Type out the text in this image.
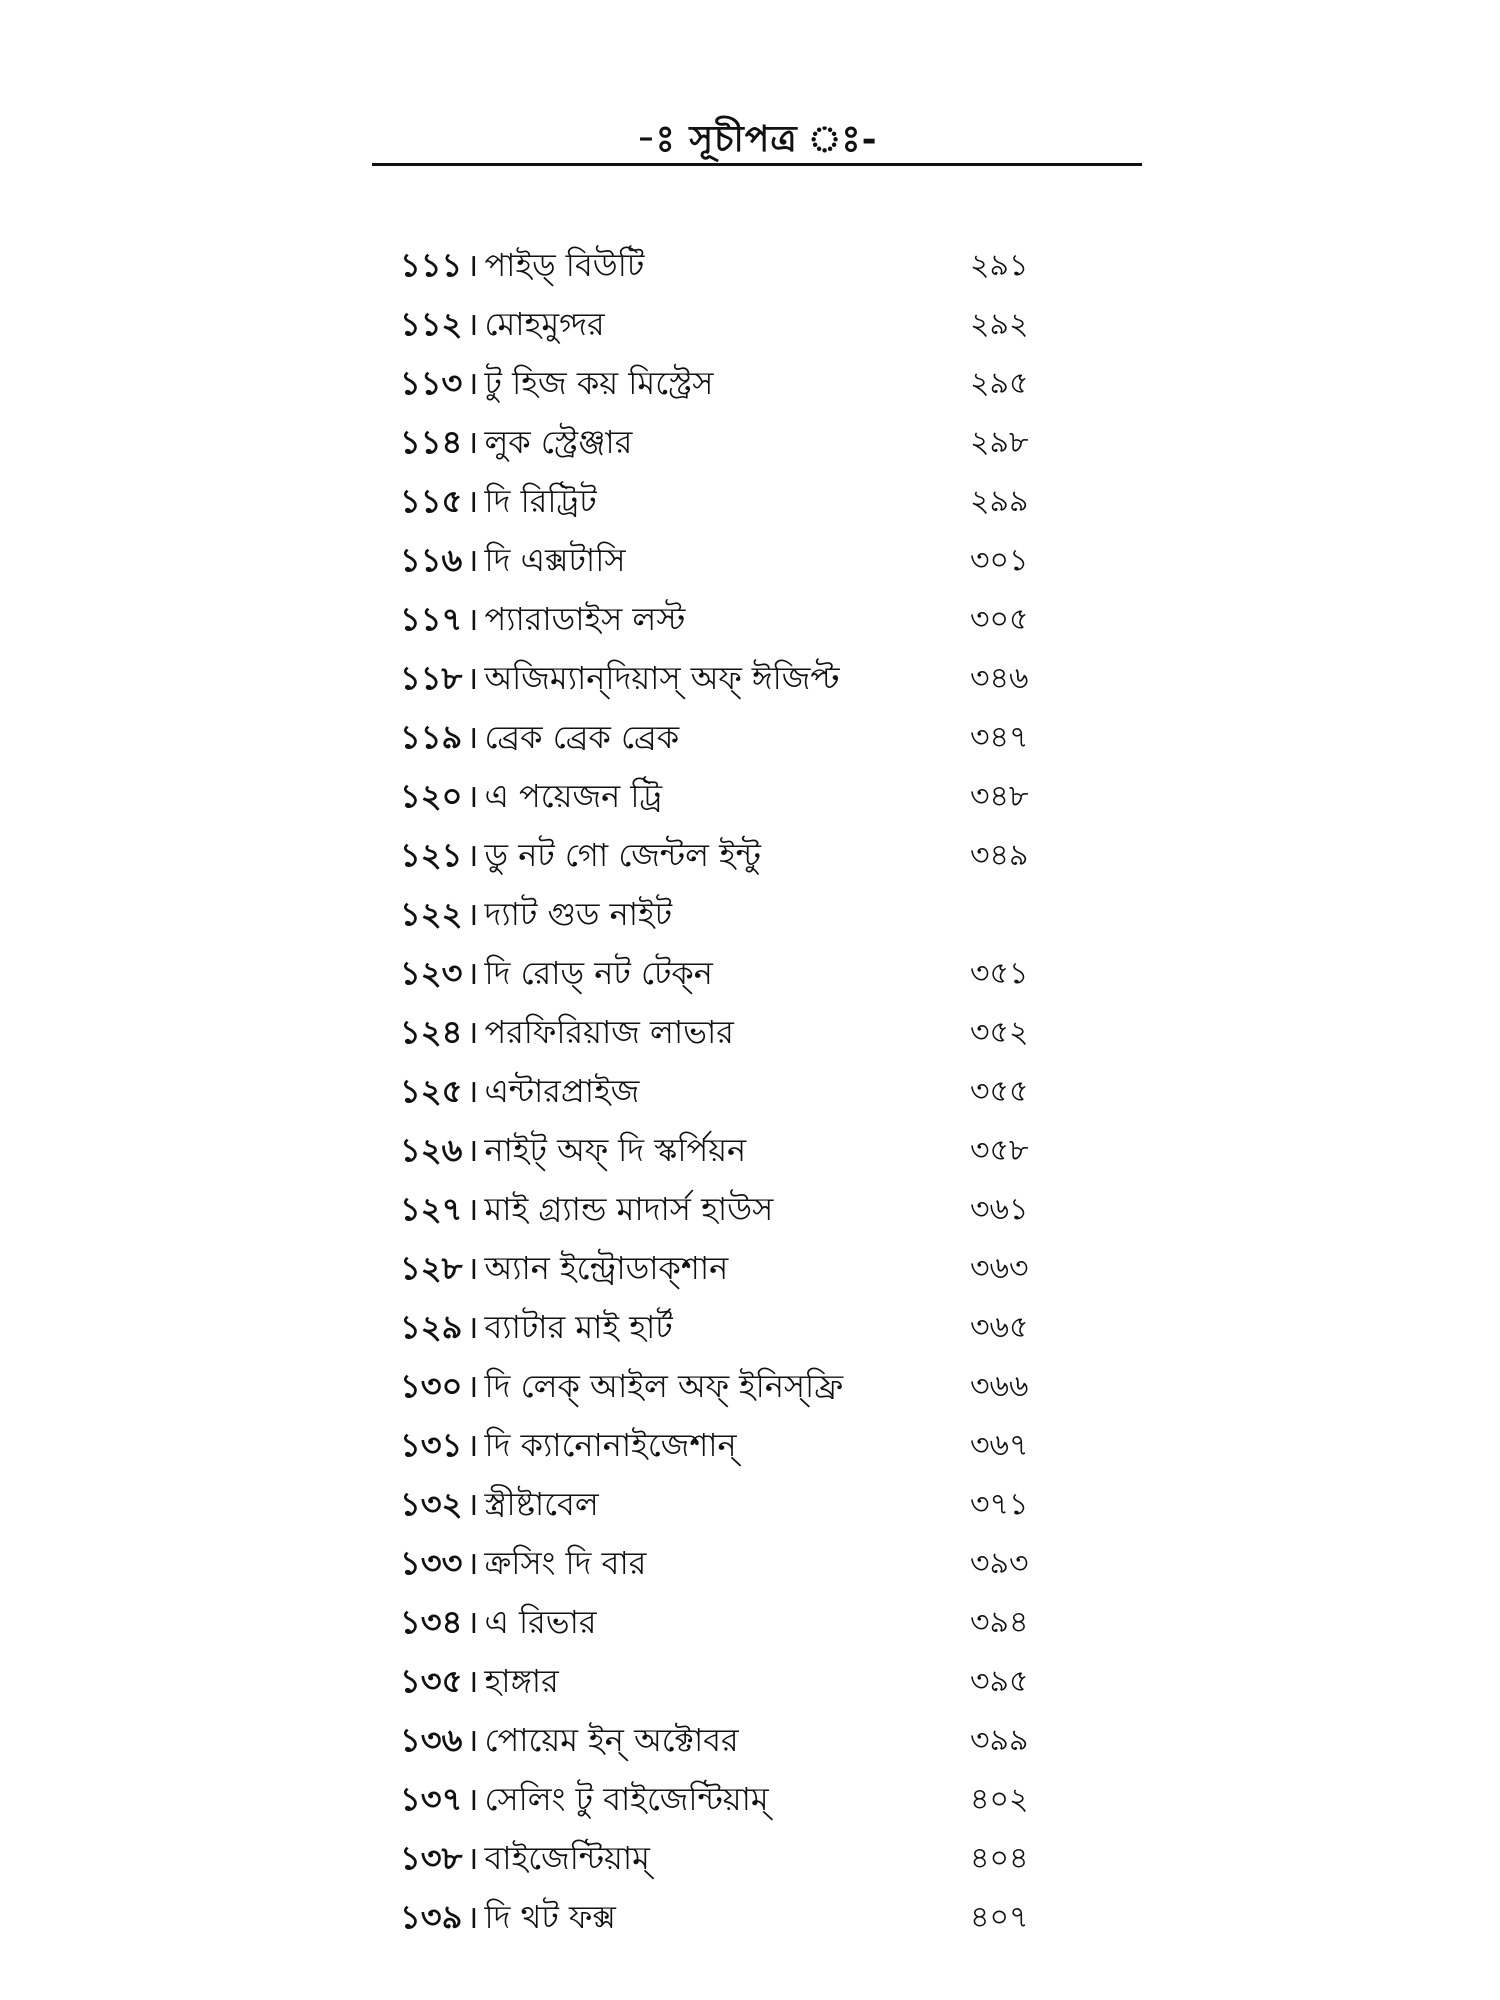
-ঃ সূচীপত্র ঃ-
১১১ । পাইড্ বিউটি	২৯১
১১২ । মোহমুগ্দর	২৯২
১১৩ । টু হিজ কয় মিস্ট্রেস	২৯৫
১১৪ । লুক স্ট্রেঞ্জার	২৯৮
১১৫ । দি রিট্রিট	২৯৯
১১৬ । দি এক্সটাসি	৩০১
১১৭ । প্যারাডাইস লস্ট	৩০৫
১১৮ । অজিম্যান্‌দিয়াস্ অফ্ ঈজিপ্ট	৩৪৬
১১৯ । ব্রেক ব্রেক ব্রেক	৩৪৭
১২০ । এ পয়েজন ট্রি	৩৪৮
১২১ । ডু নট গো জেন্টল ইন্টু	৩৪৯
১২২ । দ্যাট গুড নাইট
১২৩ । দি রোড্ নট টেক্‌ন	৩৫১
১২৪ । পরফিরিয়াজ লাভার	৩৫২
১২৫ । এন্টারপ্রাইজ	৩৫৫
১২৬ । নাইট্ অফ্ দি স্কর্পিয়ন	৩৫৮
১২৭ । মাই গ্র্যান্ড মাদার্স হাউস	৩৬১
১২৮ । অ্যান ইন্ট্রোডাক্‌শান	৩৬৩
১২৯ । ব্যাটার মাই হার্ট	৩৬৫
১৩০ । দি লেক্ আইল অফ্ ইনিস্‌ফ্রি	৩৬৬
১৩১ । দি ক্যানোনাইজেশান্	৩৬৭
১৩২ । স্ত্রীষ্টাবেল	৩৭১
১৩৩ । ক্রসিং দি বার	৩৯৩
১৩৪ । এ রিভার	৩৯৪
১৩৫ । হাঙ্গার	৩৯৫
১৩৬ । পোয়েম ইন্ অক্টোবর	৩৯৯
১৩৭ । সেলিং টু বাইজেন্টিয়াম্	৪০২
১৩৮ । বাইজেন্টিয়াম্	৪০৪
১৩৯ । দি থট ফক্স	৪০৭
